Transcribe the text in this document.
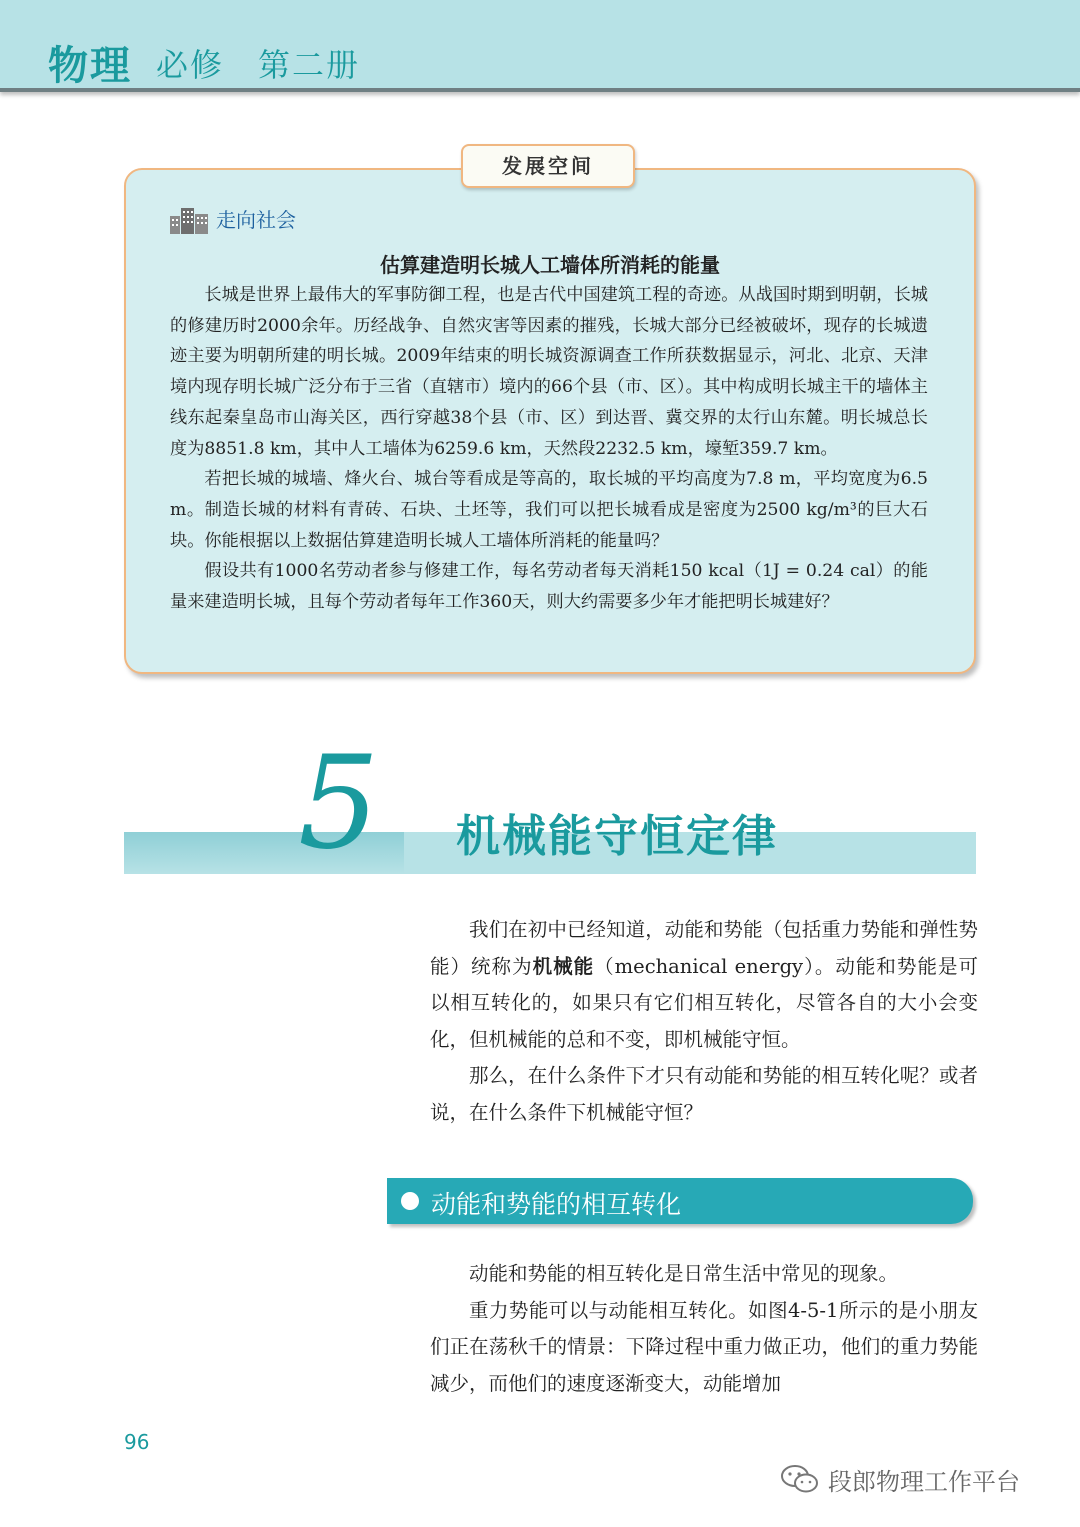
物理 必修 第二册
发展空间
走向社会
估算建造明长城人工墙体所消耗的能量

长城是世界上最伟大的军事防御工程，也是古代中国建筑工程的奇迹。从战国时期到明朝，长城的修建历时2000余年。历经战争、自然灾害等因素的摧残，长城大部分已经被破坏，现存的长城遗迹主要为明朝所建的明长城。2009年结束的明长城资源调查工作所获数据显示，河北、北京、天津境内现存明长城广泛分布于三省（直辖市）境内的66个县（市、区）。其中构成明长城主干的墙体主线东起秦皇岛市山海关区，西行穿越38个县（市、区）到达晋、冀交界的太行山东麓。明长城总长度为8851.8 km，其中人工墙体为6259.6 km，天然段2232.5 km，壕堑359.7 km。

若把长城的城墙、烽火台、城台等看成是等高的，取长城的平均高度为7.8 m，平均宽度为6.5 m。制造长城的材料有青砖、石块、土坯等，我们可以把长城看成是密度为2500 kg/m³的巨大石块。你能根据以上数据估算建造明长城人工墙体所消耗的能量吗？

假设共有1000名劳动者参与修建工作，每名劳动者每天消耗150 kcal（1J = 0.24 cal）的能量来建造明长城，且每个劳动者每年工作360天，则大约需要多少年才能把明长城建好？

5 机械能守恒定律

我们在初中已经知道，动能和势能（包括重力势能和弹性势能）统称为机械能（mechanical energy）。动能和势能是可以相互转化的，如果只有它们相互转化，尽管各自的大小会变化，但机械能的总和不变，即机械能守恒。

那么，在什么条件下才只有动能和势能的相互转化呢？或者说，在什么条件下机械能守恒？

动能和势能的相互转化

动能和势能的相互转化是日常生活中常见的现象。

重力势能可以与动能相互转化。如图4-5-1所示的是小朋友们正在荡秋千的情景：下降过程中重力做正功，他们的重力势能减少，而他们的速度逐渐变大，动能增加

96
段郎物理工作平台
